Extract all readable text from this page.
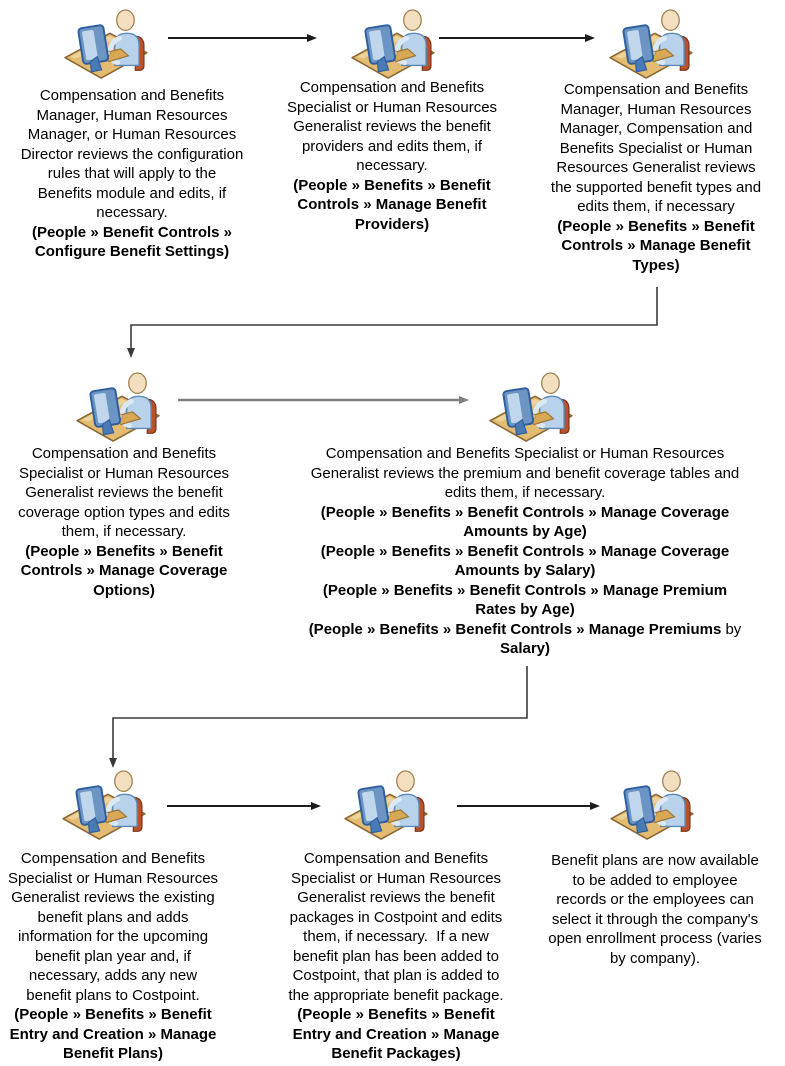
Compensation and Benefits
Manager, Human Resources
Manager, or Human Resources
Director reviews the configuration
rules that will apply to the
Benefits module and edits, if
necessary.
(People » Benefit Controls »
Configure Benefit Settings)
Compensation and Benefits
Specialist or Human Resources
Generalist reviews the benefit
providers and edits them, if
necessary.
(People » Benefits » Benefit
Controls » Manage Benefit
Providers)
Compensation and Benefits
Manager, Human Resources
Manager, Compensation and
Benefits Specialist or Human
Resources Generalist reviews
the supported benefit types and
edits them, if necessary
(People » Benefits » Benefit
Controls » Manage Benefit
Types)
Compensation and Benefits
Specialist or Human Resources
Generalist reviews the benefit
coverage option types and edits
them, if necessary.
(People » Benefits » Benefit
Controls » Manage Coverage
Options)
Compensation and Benefits Specialist or Human Resources
Generalist reviews the premium and benefit coverage tables and
edits them, if necessary.
(People » Benefits » Benefit Controls » Manage Coverage
Amounts by Age)
(People » Benefits » Benefit Controls » Manage Coverage
Amounts by Salary)
(People » Benefits » Benefit Controls » Manage Premium
Rates by Age)
(People » Benefits » Benefit Controls » Manage Premiums by
Salary)
Compensation and Benefits
Specialist or Human Resources
Generalist reviews the existing
benefit plans and adds
information for the upcoming
benefit plan year and, if
necessary, adds any new
benefit plans to Costpoint.
(People » Benefits » Benefit
Entry and Creation » Manage
Benefit Plans)
Compensation and Benefits
Specialist or Human Resources
Generalist reviews the benefit
packages in Costpoint and edits
them, if necessary.  If a new
benefit plan has been added to
Costpoint, that plan is added to
the appropriate benefit package.
(People » Benefits » Benefit
Entry and Creation » Manage
Benefit Packages)
Benefit plans are now available
to be added to employee
records or the employees can
select it through the company's
open enrollment process (varies
by company).
